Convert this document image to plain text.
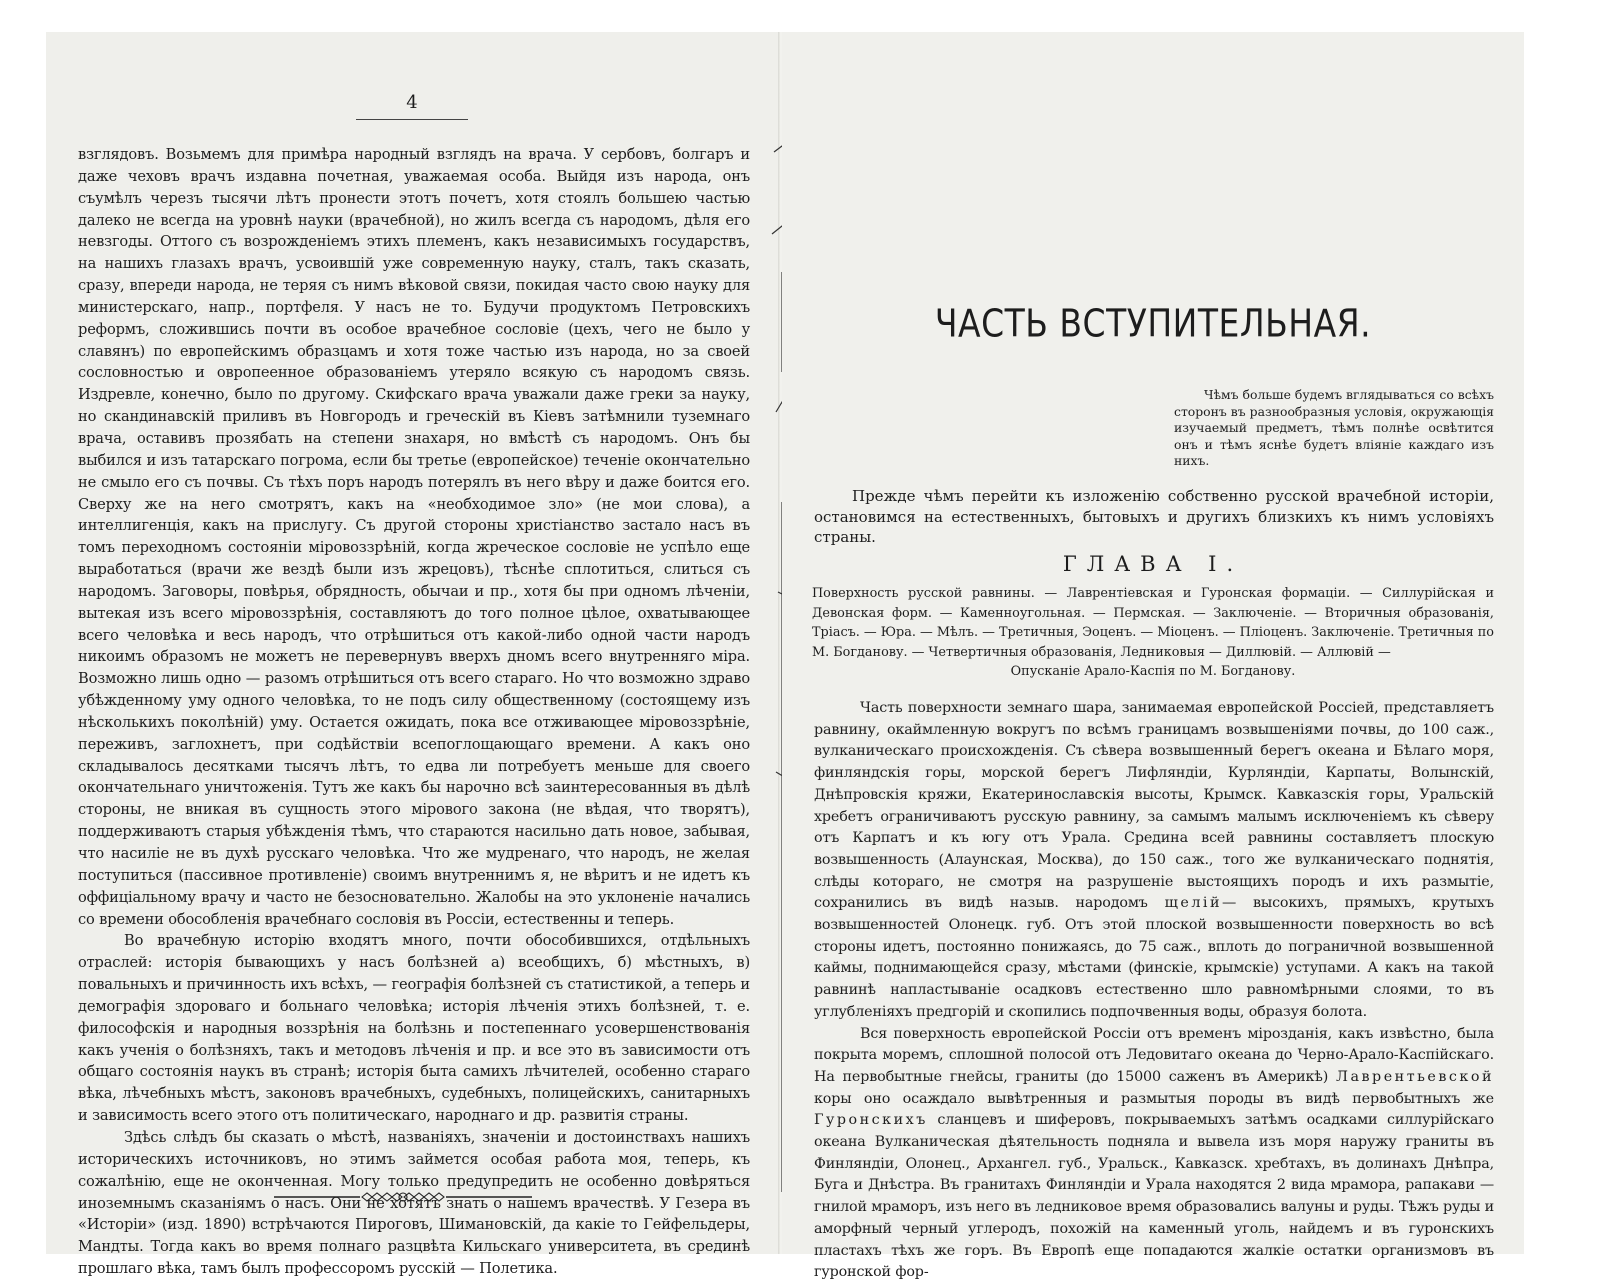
4

взглядовъ. Возьмемъ для примѣра народный взглядъ на врача. У сербовъ, болгаръ и даже чеховъ врачъ издавна почетная, уважаемая особа. Выйдя изъ народа, онъ съумѣлъ черезъ тысячи лѣтъ пронести этотъ почетъ, хотя стоялъ большею частью далеко не всегда на уровнѣ науки (врачебной), но жилъ всегда съ народомъ, дѣля его невзгоды. Оттого съ возрожденіемъ этихъ племенъ, какъ независимыхъ государствъ, на нашихъ глазахъ врачъ, усвоившій уже современную науку, сталъ, такъ сказать, сразу, впереди народа, не теряя съ нимъ вѣковой связи, покидая часто свою науку для министерскаго, напр., портфеля. У насъ не то. Будучи продуктомъ Петровскихъ реформъ, сложившись почти въ особое врачебное сословіе (цехъ, чего не было у славянъ) по европейскимъ образцамъ и хотя тоже частью изъ народа, но за своей сословностью и овропеенное образованіемъ утеряло всякую съ народомъ связь. Издревле, конечно, было по другому. Скифскаго врача уважали даже греки за науку, но скандинавскій приливъ въ Новгородъ и греческій въ Кіевъ затѣмнили туземнаго врача, оставивъ прозябать на степени знахаря, но вмѣстѣ съ народомъ. Онъ бы выбился и изъ татарскаго погрома, если бы третье (европейское) теченіе окончательно не смыло его съ почвы. Съ тѣхъ поръ народъ потерялъ въ него вѣру и даже боится его. Сверху же на него смотрятъ, какъ на «необходимое зло» (не мои слова), а интеллигенція, какъ на прислугу. Съ другой стороны христіанство застало насъ въ томъ переходномъ состояніи міровоззрѣній, когда жреческое сословіе не успѣло еще выработаться (врачи же вездѣ были изъ жрецовъ), тѣснѣе сплотиться, слиться съ народомъ. Заговоры, повѣрья, обрядность, обычаи и пр., хотя бы при одномъ лѣченіи, вытекая изъ всего міровоззрѣнія, составляютъ до того полное цѣлое, охватывающее всего человѣка и весь народъ, что отрѣшиться отъ какой-либо одной части народъ никоимъ образомъ не можетъ не перевернувъ вверхъ дномъ всего внутренняго міра. Возможно лишь одно — разомъ отрѣшиться отъ всего стараго. Но что возможно здраво убѣжденному уму одного человѣка, то не подъ силу общественному (состоящему изъ нѣсколькихъ поколѣній) уму. Остается ожидать, пока все отживающее міровоззрѣніе, переживъ, заглохнетъ, при содѣйствіи всепоглощающаго времени. А какъ оно складывалось десятками тысячъ лѣтъ, то едва ли потребуетъ меньше для своего окончательнаго уничтоженія. Тутъ же какъ бы нарочно всѣ заинтересованныя въ дѣлѣ стороны, не вникая въ сущность этого мірового закона (не вѣдая, что творятъ), поддерживаютъ старыя убѣжденія тѣмъ, что стараются насильно дать новое, забывая, что насиліе не въ духѣ русскаго человѣка. Что же мудренаго, что народъ, не желая поступиться (пассивное противленіе) своимъ внутреннимъ я, не вѣритъ и не идетъ къ оффиціальному врачу и часто не безосновательно. Жалобы на это уклоненіе начались со времени обособленія врачебнаго сословія въ Россіи, естественны и теперь.

Во врачебную исторію входятъ много, почти обособившихся, отдѣльныхъ отраслей: исторія бывающихъ у насъ болѣзней а) всеобщихъ, б) мѣстныхъ, в) повальныхъ и причинность ихъ всѣхъ, — географія болѣзней съ статистикой, а теперь и демографія здороваго и больнаго человѣка; исторія лѣченія этихъ болѣзней, т. е. философскія и народныя воззрѣнія на болѣзнь и постепеннаго усовершенствованія какъ ученія о болѣзняхъ, такъ и методовъ лѣченія и пр. и все это въ зависимости отъ общаго состоянія наукъ въ странѣ; исторія быта самихъ лѣчителей, особенно стараго вѣка, лѣчебныхъ мѣстъ, законовъ врачебныхъ, судебныхъ, полицейскихъ, санитарныхъ и зависимость всего этого отъ политическаго, народнаго и др. развитія страны.

Здѣсь слѣдъ бы сказать о мѣстѣ, названіяхъ, значеніи и достоинствахъ нашихъ историческихъ источниковъ, но этимъ займется особая работа моя, теперь, къ сожалѣнію, еще не оконченная. Могу только предупредить не особенно довѣряться иноземнымъ сказаніямъ о насъ. Они не хотятъ знать о нашемъ врачествѣ. У Гезера въ «Исторіи» (изд. 1890) встрѣчаются Пироговъ, Шимановскій, да какіе то Гейфельдеры, Мандты. Тогда какъ во время полнаго разцвѣта Кильскаго университета, въ срединѣ прошлаго вѣка, тамъ былъ профессоромъ русскій — Полетика.

ЧАСТЬ ВСТУПИТЕЛЬНАЯ.

Чѣмъ больше будемъ вглядываться со всѣхъ сторонъ въ разнообразныя условія, окружающія изучаемый предметъ, тѣмъ полнѣе освѣтится онъ и тѣмъ яснѣе будетъ вліяніе каждаго изъ нихъ.

Прежде чѣмъ перейти къ изложенію собственно русской врачебной исторіи, остановимся на естественныхъ, бытовыхъ и другихъ близкихъ къ нимъ условіяхъ страны.

ГЛАВА I.

Поверхность русской равнины. — Лаврентіевская и Гуронская формаціи. — Силлурійская и Девонская форм. — Каменноугольная. — Пермская. — Заключеніе. — Вторичныя образованія, Тріасъ. — Юра. — Мѣлъ. — Третичныя, Эоценъ. — Міоценъ. — Пліоценъ. Заключеніе. Третичныя по М. Богданову. — Четвертичныя образованія, Ледниковыя — Диллювій. — Аллювій —
Опусканіе Арало-Каспія по М. Богданову.

Часть поверхности земнаго шара, занимаемая европейской Россіей, представляетъ равнину, окаймленную вокругъ по всѣмъ границамъ возвышеніями почвы, до 100 саж., вулканическаго происхожденія. Съ сѣвера возвышенный берегъ океана и Бѣлаго моря, финляндскія горы, морской берегъ Лифляндіи, Курляндіи, Карпаты, Волынскій, Днѣпровскія кряжи, Екатеринославскія высоты, Крымск. Кавказскія горы, Уральскій хребетъ ограничиваютъ русскую равнину, за самымъ малымъ исключеніемъ къ сѣверу отъ Карпатъ и къ югу отъ Урала. Средина всей равнины составляетъ плоскую возвышенность (Алаунская, Москва), до 150 саж., того же вулканическаго поднятія, слѣды котораго, не смотря на разрушеніе выстоящихъ породъ и ихъ размытіе, сохранились въ видѣ назыв. народомъ щелій— высокихъ, прямыхъ, крутыхъ возвышенностей Олонецк. губ. Отъ этой плоской возвышенности поверхность во всѣ стороны идетъ, постоянно понижаясь, до 75 саж., вплоть до пограничной возвышенной каймы, поднимающейся сразу, мѣстами (финскіе, крымскіе) уступами. А какъ на такой равнинѣ напластываніе осадковъ естественно шло равномѣрными слоями, то въ углубленіяхъ предгорій и скопились подпочвенныя воды, образуя болота.

Вся поверхность европейской Россіи отъ временъ мірозданія, какъ извѣстно, была покрыта моремъ, сплошной полосой отъ Ледовитаго океана до Черно-Арало-Каспійскаго. На первобытные гнейсы, граниты (до 15000 саженъ въ Америкѣ) Лаврентьевской коры оно осаждало вывѣтренныя и размытыя породы въ видѣ первобытныхъ же Гуронскихъ сланцевъ и шиферовъ, покрываемыхъ затѣмъ осадками силлурійскаго океана Вулканическая дѣятельность подняла и вывела изъ моря наружу граниты въ Финляндіи, Олонец., Архангел. губ., Уральск., Кавказск. хребтахъ, въ долинахъ Днѣпра, Буга и Днѣстра. Въ гранитахъ Финляндіи и Урала находятся 2 вида мрамора, рапакави — гнилой мраморъ, изъ него въ ледниковое время образовались валуны и руды. Тѣжъ руды и аморфный черный углеродъ, похожій на каменный уголь, найдемъ и въ гуронскихъ пластахъ тѣхъ же горъ. Въ Европѣ еще попадаются жалкіе остатки организмовъ въ гуронской фор-
